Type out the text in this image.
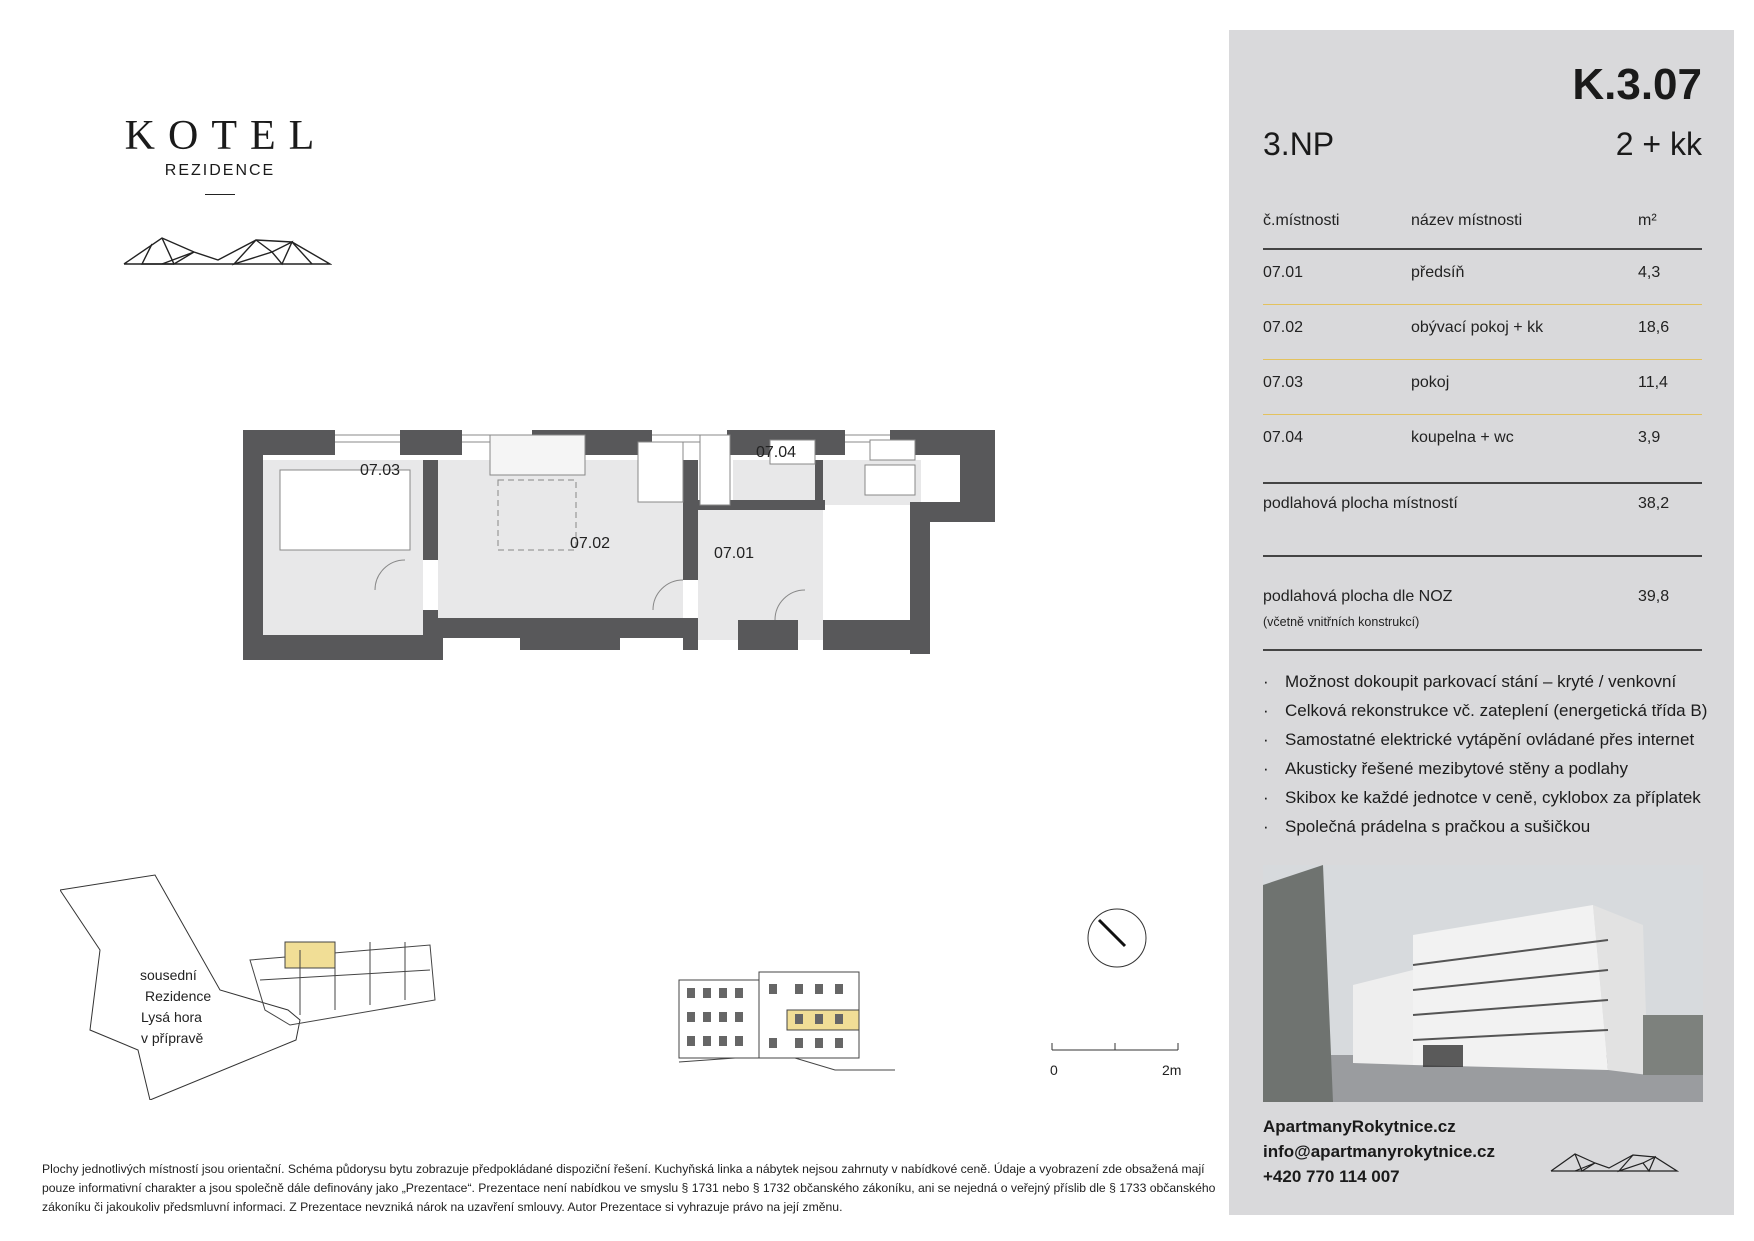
KOTEL
REZIDENCE
07.03
07.02
07.01
07.04
sousední Rezidence Lysá hora v přípravě
0	2m
Plochy jednotlivých místností jsou orientační. Schéma půdorysu bytu zobrazuje předpokládané dispoziční řešení. Kuchyňská linka a nábytek nejsou zahrnuty v nabídkové ceně. Údaje a vyobrazení zde obsažená mají pouze informativní charakter a jsou společně dále definovány jako „Prezentace“. Prezentace není nabídkou ve smyslu § 1731 nebo § 1732 občanského zákoníku, ani se nejedná o veřejný příslib dle § 1733 občanského zákoníku či jakoukoliv předsmluvní informaci. Z Prezentace nevzniká nárok na uzavření smlouvy. Autor Prezentace si vyhrazuje právo na její změnu.
K.3.07
3.NP	2 + kk
č.místnosti	název místnosti	m²
07.01	předsíň	4,3
07.02	obývací pokoj + kk	18,6
07.03	pokoj	11,4
07.04	koupelna + wc	3,9
podlahová plocha místností	38,2
podlahová plocha dle NOZ	39,8
(včetně vnitřních konstrukcí)
· Možnost dokoupit parkovací stání – kryté / venkovní
· Celková rekonstrukce vč. zateplení (energetická třída B)
· Samostatné elektrické vytápění ovládané přes internet
· Akusticky řešené mezibytové stěny a podlahy
· Skibox ke každé jednotce v ceně, cyklobox za příplatek
· Společná prádelna s pračkou a sušičkou
ApartmanyRokytnice.cz
info@apartmanyrokytnice.cz
+420 770 114 007
